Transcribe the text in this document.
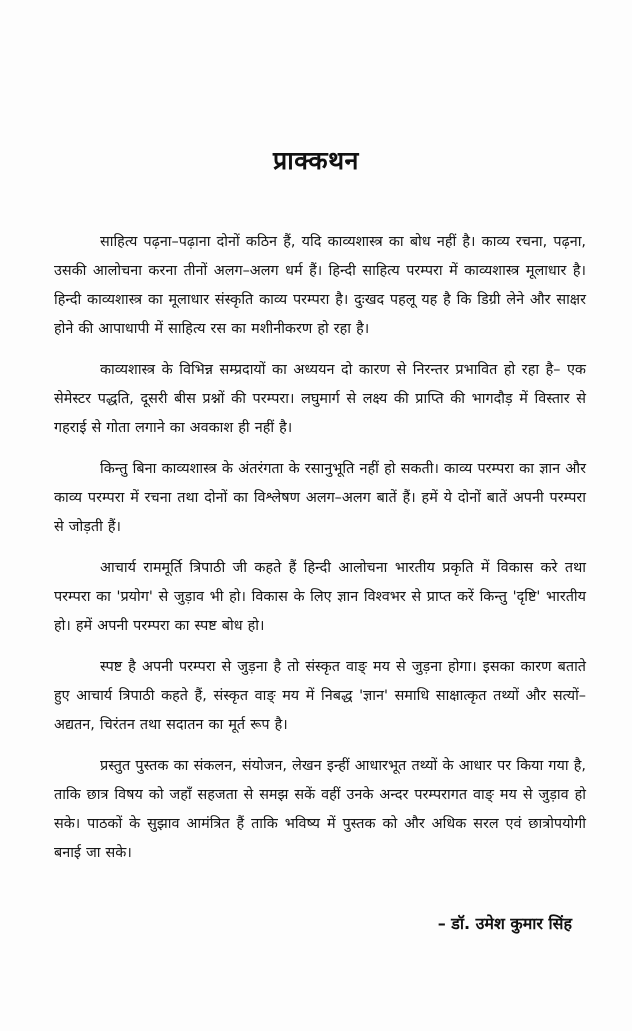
प्राक्कथन

साहित्य पढ़ना–पढ़ाना दोनों कठिन हैं, यदि काव्यशास्त्र का बोध नहीं है। काव्य रचना, पढ़ना, उसकी आलोचना करना तीनों अलग–अलग धर्म हैं। हिन्दी साहित्य परम्परा में काव्यशास्त्र मूलाधार है। हिन्दी काव्यशास्त्र का मूलाधार संस्कृति काव्य परम्परा है। दुःखद पहलू यह है कि डिग्री लेने और साक्षर होने की आपाधापी में साहित्य रस का मशीनीकरण हो रहा है।

काव्यशास्त्र के विभिन्न सम्प्रदायों का अध्ययन दो कारण से निरन्तर प्रभावित हो रहा है– एक सेमेस्टर पद्धति, दूसरी बीस प्रश्नों की परम्परा। लघुमार्ग से लक्ष्य की प्राप्ति की भागदौड़ में विस्तार से गहराई से गोता लगाने का अवकाश ही नहीं है।

किन्तु बिना काव्यशास्त्र के अंतरंगता के रसानुभूति नहीं हो सकती। काव्य परम्परा का ज्ञान और काव्य परम्परा में रचना तथा दोनों का विश्लेषण अलग–अलग बातें हैं। हमें ये दोनों बातें अपनी परम्परा से जोड़ती हैं।

आचार्य राममूर्ति त्रिपाठी जी कहते हैं हिन्दी आलोचना भारतीय प्रकृति में विकास करे तथा परम्परा का 'प्रयोग' से जुड़ाव भी हो। विकास के लिए ज्ञान विश्वभर से प्राप्त करें किन्तु 'दृष्टि' भारतीय हो। हमें अपनी परम्परा का स्पष्ट बोध हो।

स्पष्ट है अपनी परम्परा से जुड़ना है तो संस्कृत वाङ् मय से जुड़ना होगा। इसका कारण बताते हुए आचार्य त्रिपाठी कहते हैं, संस्कृत वाङ् मय में निबद्ध 'ज्ञान' समाधि साक्षात्कृत तथ्यों और सत्यों– अद्यतन, चिरंतन तथा सदातन का मूर्त रूप है।

प्रस्तुत पुस्तक का संकलन, संयोजन, लेखन इन्हीं आधारभूत तथ्यों के आधार पर किया गया है, ताकि छात्र विषय को जहाँ सहजता से समझ सकें वहीं उनके अन्दर परम्परागत वाङ् मय से जुड़ाव हो सके। पाठकों के सुझाव आमंत्रित हैं ताकि भविष्य में पुस्तक को और अधिक सरल एवं छात्रोपयोगी बनाई जा सके।

– डॉ. उमेश कुमार सिंह
